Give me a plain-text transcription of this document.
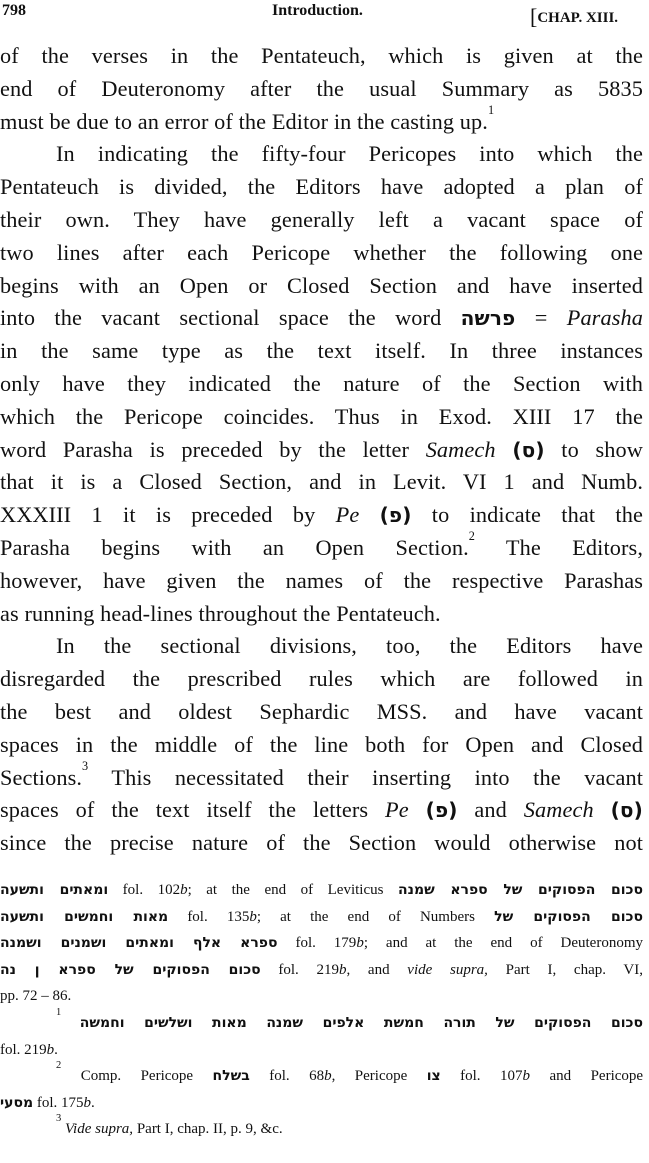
798	Introduction.	[CHAP. XIII.
of the verses in the Pentateuch, which is given at the
end of Deuteronomy after the usual Summary as 5835
must be due to an error of the Editor in the casting up.$^1$
In indicating the fifty-four Pericopes into which the
Pentateuch is divided, the Editors have adopted a plan of
their own. They have generally left a vacant space of
two lines after each Pericope whether the following one
begins with an Open or Closed Section and have inserted
into the vacant sectional space the word פרשה = Parasha
in the same type as the text itself. In three instances
only have they indicated the nature of the Section with
which the Pericope coincides. Thus in Exod. XIII 17 the
word Parasha is preceded by the letter Samech (ס) to show
that it is a Closed Section, and in Levit. VI 1 and Numb.
XXXIII 1 it is preceded by Pe (פ) to indicate that the
Parasha begins with an Open Section.$^2$ The Editors,
however, have given the names of the respective Parashas
as running head-lines throughout the Pentateuch.
In the sectional divisions, too, the Editors have
disregarded the prescribed rules which are followed in
the best and oldest Sephardic MSS. and have vacant
spaces in the middle of the line both for Open and Closed
Sections.$^3$ This necessitated their inserting into the vacant
spaces of the text itself the letters Pe (פ) and Samech (ס)
since the precise nature of the Section would otherwise not
ומאתים ותשעה fol. 102b; at the end of Leviticus סכום הפסוקים של ספרא שמנה
מאות וחמשים ותשעה fol. 135b; at the end of Numbers סכום הפסוקים של
ספרא אלף ומאתים ושמנים ושמנה fol. 179b; and at the end of Deuteronomy
סכום הפסוקים של ספרא ן נה fol. 219b, and vide supra, Part I, chap. VI,
pp. 72 – 86.
$^1$ סכום הפסוקים של תורה חמשת אלפים שמנה מאות ושלשים וחמשה
fol. 219b.
$^2$ Comp. Pericope בשלח fol. 68b, Pericope צו fol. 107b and Pericope
מסעי fol. 175b.
$^3$ Vide supra, Part I, chap. II, p. 9, &c.
